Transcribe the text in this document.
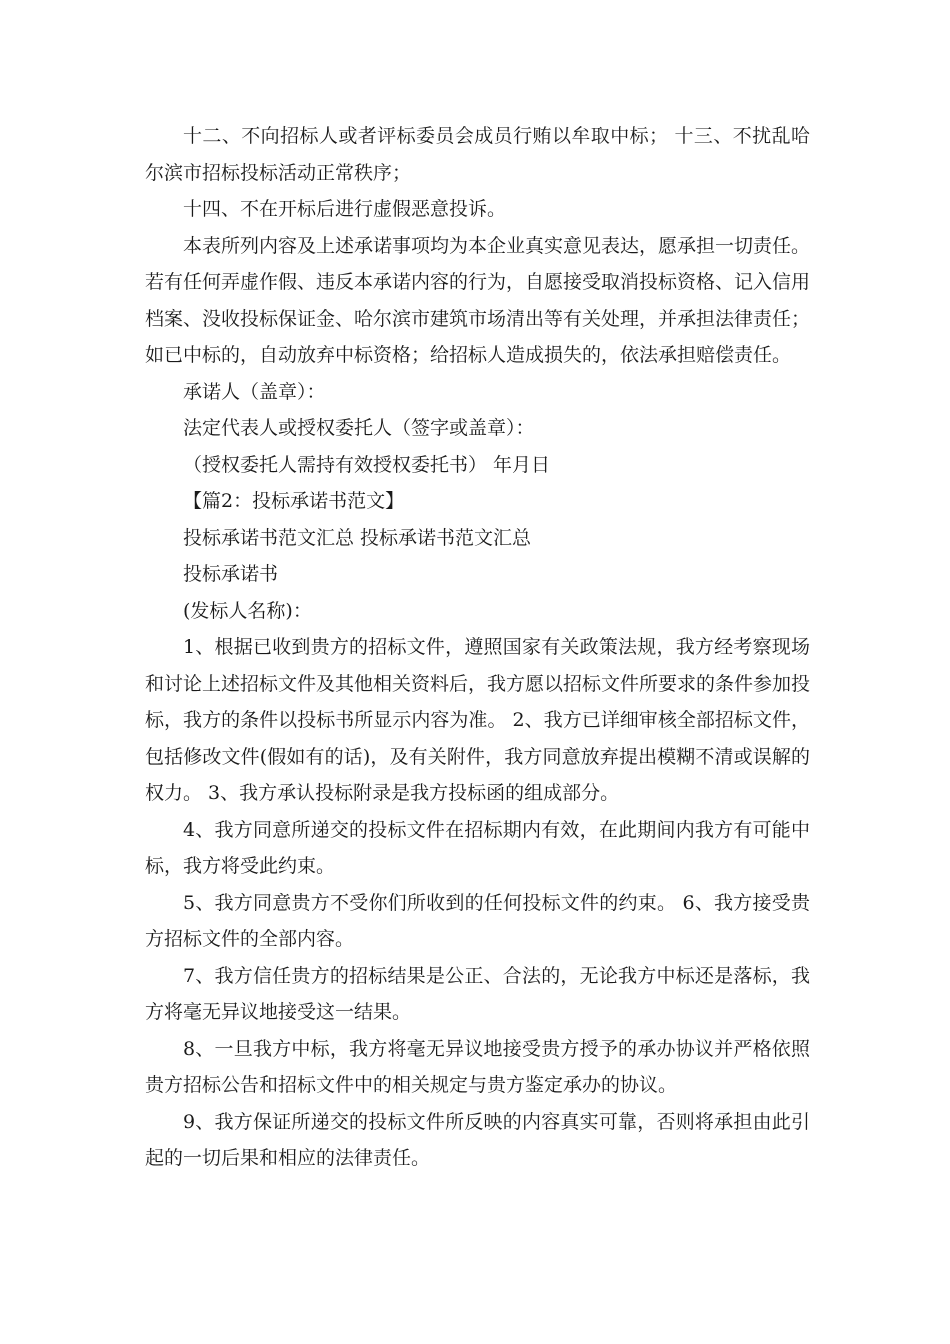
十二、不向招标人或者评标委员会成员行贿以牟取中标； 十三、不扰乱哈尔滨市招标投标活动正常秩序；

十四、不在开标后进行虚假恶意投诉。

本表所列内容及上述承诺事项均为本企业真实意见表达，愿承担一切责任。若有任何弄虚作假、违反本承诺内容的行为，自愿接受取消投标资格、记入信用档案、没收投标保证金、哈尔滨市建筑市场清出等有关处理，并承担法律责任；如已中标的，自动放弃中标资格；给招标人造成损失的，依法承担赔偿责任。

承诺人（盖章）：

法定代表人或授权委托人（签字或盖章）：

（授权委托人需持有效授权委托书） 年月日

【篇2：投标承诺书范文】

投标承诺书范文汇总 投标承诺书范文汇总

投标承诺书

(发标人名称)：

1、根据已收到贵方的招标文件，遵照国家有关政策法规，我方经考察现场和讨论上述招标文件及其他相关资料后，我方愿以招标文件所要求的条件参加投标，我方的条件以投标书所显示内容为准。 2、我方已详细审核全部招标文件，包括修改文件(假如有的话)，及有关附件，我方同意放弃提出模糊不清或误解的权力。 3、我方承认投标附录是我方投标函的组成部分。

4、我方同意所递交的投标文件在招标期内有效，在此期间内我方有可能中标，我方将受此约束。

5、我方同意贵方不受你们所收到的任何投标文件的约束。 6、我方接受贵方招标文件的全部内容。

7、我方信任贵方的招标结果是公正、合法的，无论我方中标还是落标，我方将毫无异议地接受这一结果。

8、一旦我方中标，我方将毫无异议地接受贵方授予的承办协议并严格依照贵方招标公告和招标文件中的相关规定与贵方鉴定承办的协议。

9、我方保证所递交的投标文件所反映的内容真实可靠，否则将承担由此引起的一切后果和相应的法律责任。
